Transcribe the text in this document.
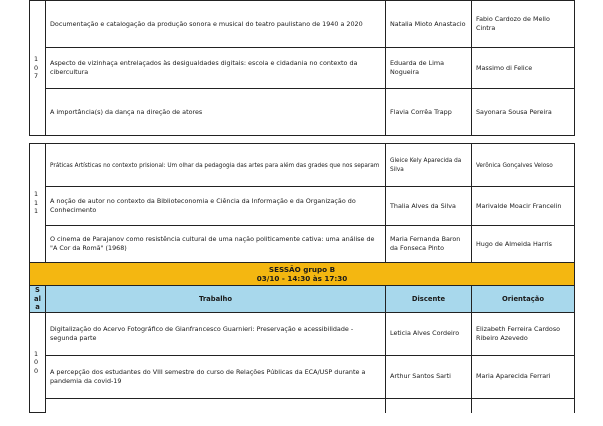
107	Documentação e catalogação da produção sonora e musical do teatro paulistano de 1940 a 2020	Natalia Mioto Anastacio	Fabio Cardozo de Mello Cintra
	Aspecto de vizinhaça entrelaçados às desigualdades digitais: escola e cidadania no contexto da cibercultura	Eduarda de Lima Nogueira	Massimo di Felice
	A importância(s) da dança na direção de atores	Flavia Corrêa Trapp	Sayonara Sousa Pereira

111	Práticas Artísticas no contexto prisional: Um olhar da pedagogia das artes para além das grades que nos separam	Gleice Kely Aparecida da Silva	Verônica Gonçalves Veloso
	A noção de autor no contexto da Biblioteconomia e Ciência da Informação e da Organização do Conhecimento	Thalia Alves da Silva	Marivalde Moacir Francelin
	O cinema de Parajanov como resistência cultural de uma nação politicamente cativa: uma análise de "A Cor da Romã" (1968)	Maria Fernanda Baron da Fonseca Pinto	Hugo de Almeida Harris

SESSÃO grupo B
03/10 - 14:30 às 17:30			

Sala	Trabalho	Discente	Orientação
100	Digitalização do Acervo Fotográfico de Gianfrancesco Guarnieri: Preservação e acessibilidade - segunda parte	Leticia Alves Cordeiro	Elizabeth Ferreira Cardoso Ribeiro Azevedo
	A percepção dos estudantes do VIII semestre do curso de Relações Públicas da ECA/USP durante a pandemia da covid-19	Arthur Santos Sarti	Maria Aparecida Ferrari
